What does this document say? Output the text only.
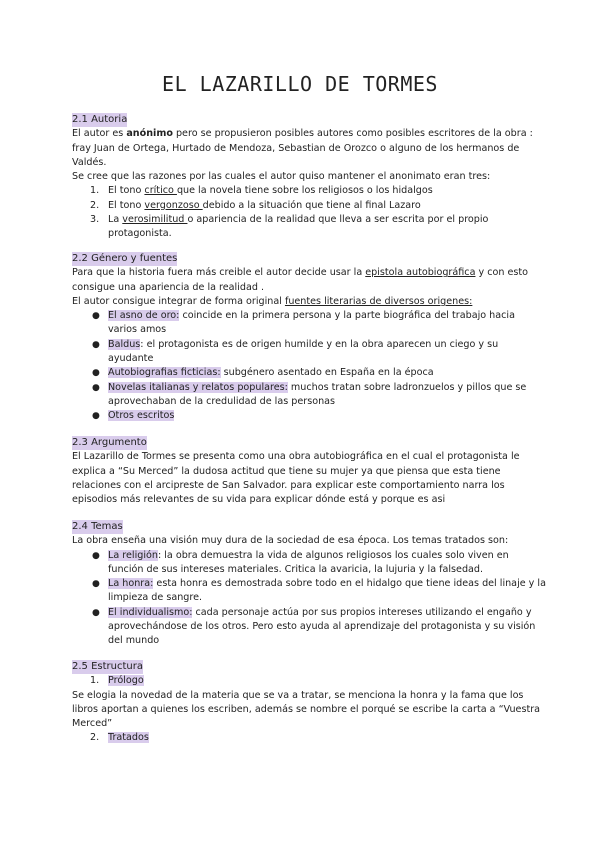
EL LAZARILLO DE TORMES
2.1 Autoria

El autor es anónimo pero se propusieron posibles autores como posibles escritores de la obra : fray Juan de Ortega, Hurtado de Mendoza, Sebastian de Orozco o alguno de los hermanos de Valdés.

Se cree que las razones por las cuales el autor quiso mantener el anonimato eran tres:

1. El tono crítico que la novela tiene sobre los religiosos o los hidalgos
2. El tono vergonzoso debido a la situación que tiene al final Lazaro
3. La verosimilitud o apariencia de la realidad que lleva a ser escrita por el propio protagonista.
2.2 Género y fuentes

Para que la historia fuera más creible el autor decide usar la epistola autobiográfica y con esto consigue una apariencia de la realidad .

El autor consigue integrar de forma original fuentes literarias de diversos origenes:

● El asno de oro: coincide en la primera persona y la parte biográfica del trabajo hacia varios amos
● Baldus: el protagonista es de origen humilde y en la obra aparecen un ciego y su ayudante
● Autobiografias ficticias: subgénero asentado en España en la época
● Novelas italianas y relatos populares: muchos tratan sobre ladronzuelos y pillos que se aprovechaban de la credulidad de las personas
● Otros escritos
2.3 Argumento

El Lazarillo de Tormes se presenta como una obra autobiográfica en el cual el protagonista le explica a “Su Merced” la dudosa actitud que tiene su mujer ya que piensa que esta tiene relaciones con el arcipreste de San Salvador. para explicar este comportamiento narra los episodios más relevantes de su vida para explicar dónde está y porque es asi

2.4 Temas

La obra enseña una visión muy dura de la sociedad de esa época. Los temas tratados son:

● La religión: la obra demuestra la vida de algunos religiosos los cuales solo viven en función de sus intereses materiales. Critica la avaricia, la lujuria y la falsedad.
● La honra: esta honra es demostrada sobre todo en el hidalgo que tiene ideas del linaje y la limpieza de sangre.
● El individualismo: cada personaje actúa por sus propios intereses utilizando el engaño y aprovechándose de los otros. Pero esto ayuda al aprendizaje del protagonista y su visión del mundo
2.5 Estructura
1. Prólogo

Se elogia la novedad de la materia que se va a tratar, se menciona la honra y la fama que los libros aportan a quienes los escriben, además se nombre el porqué se escribe la carta a “Vuestra Merced”

2. Tratados
